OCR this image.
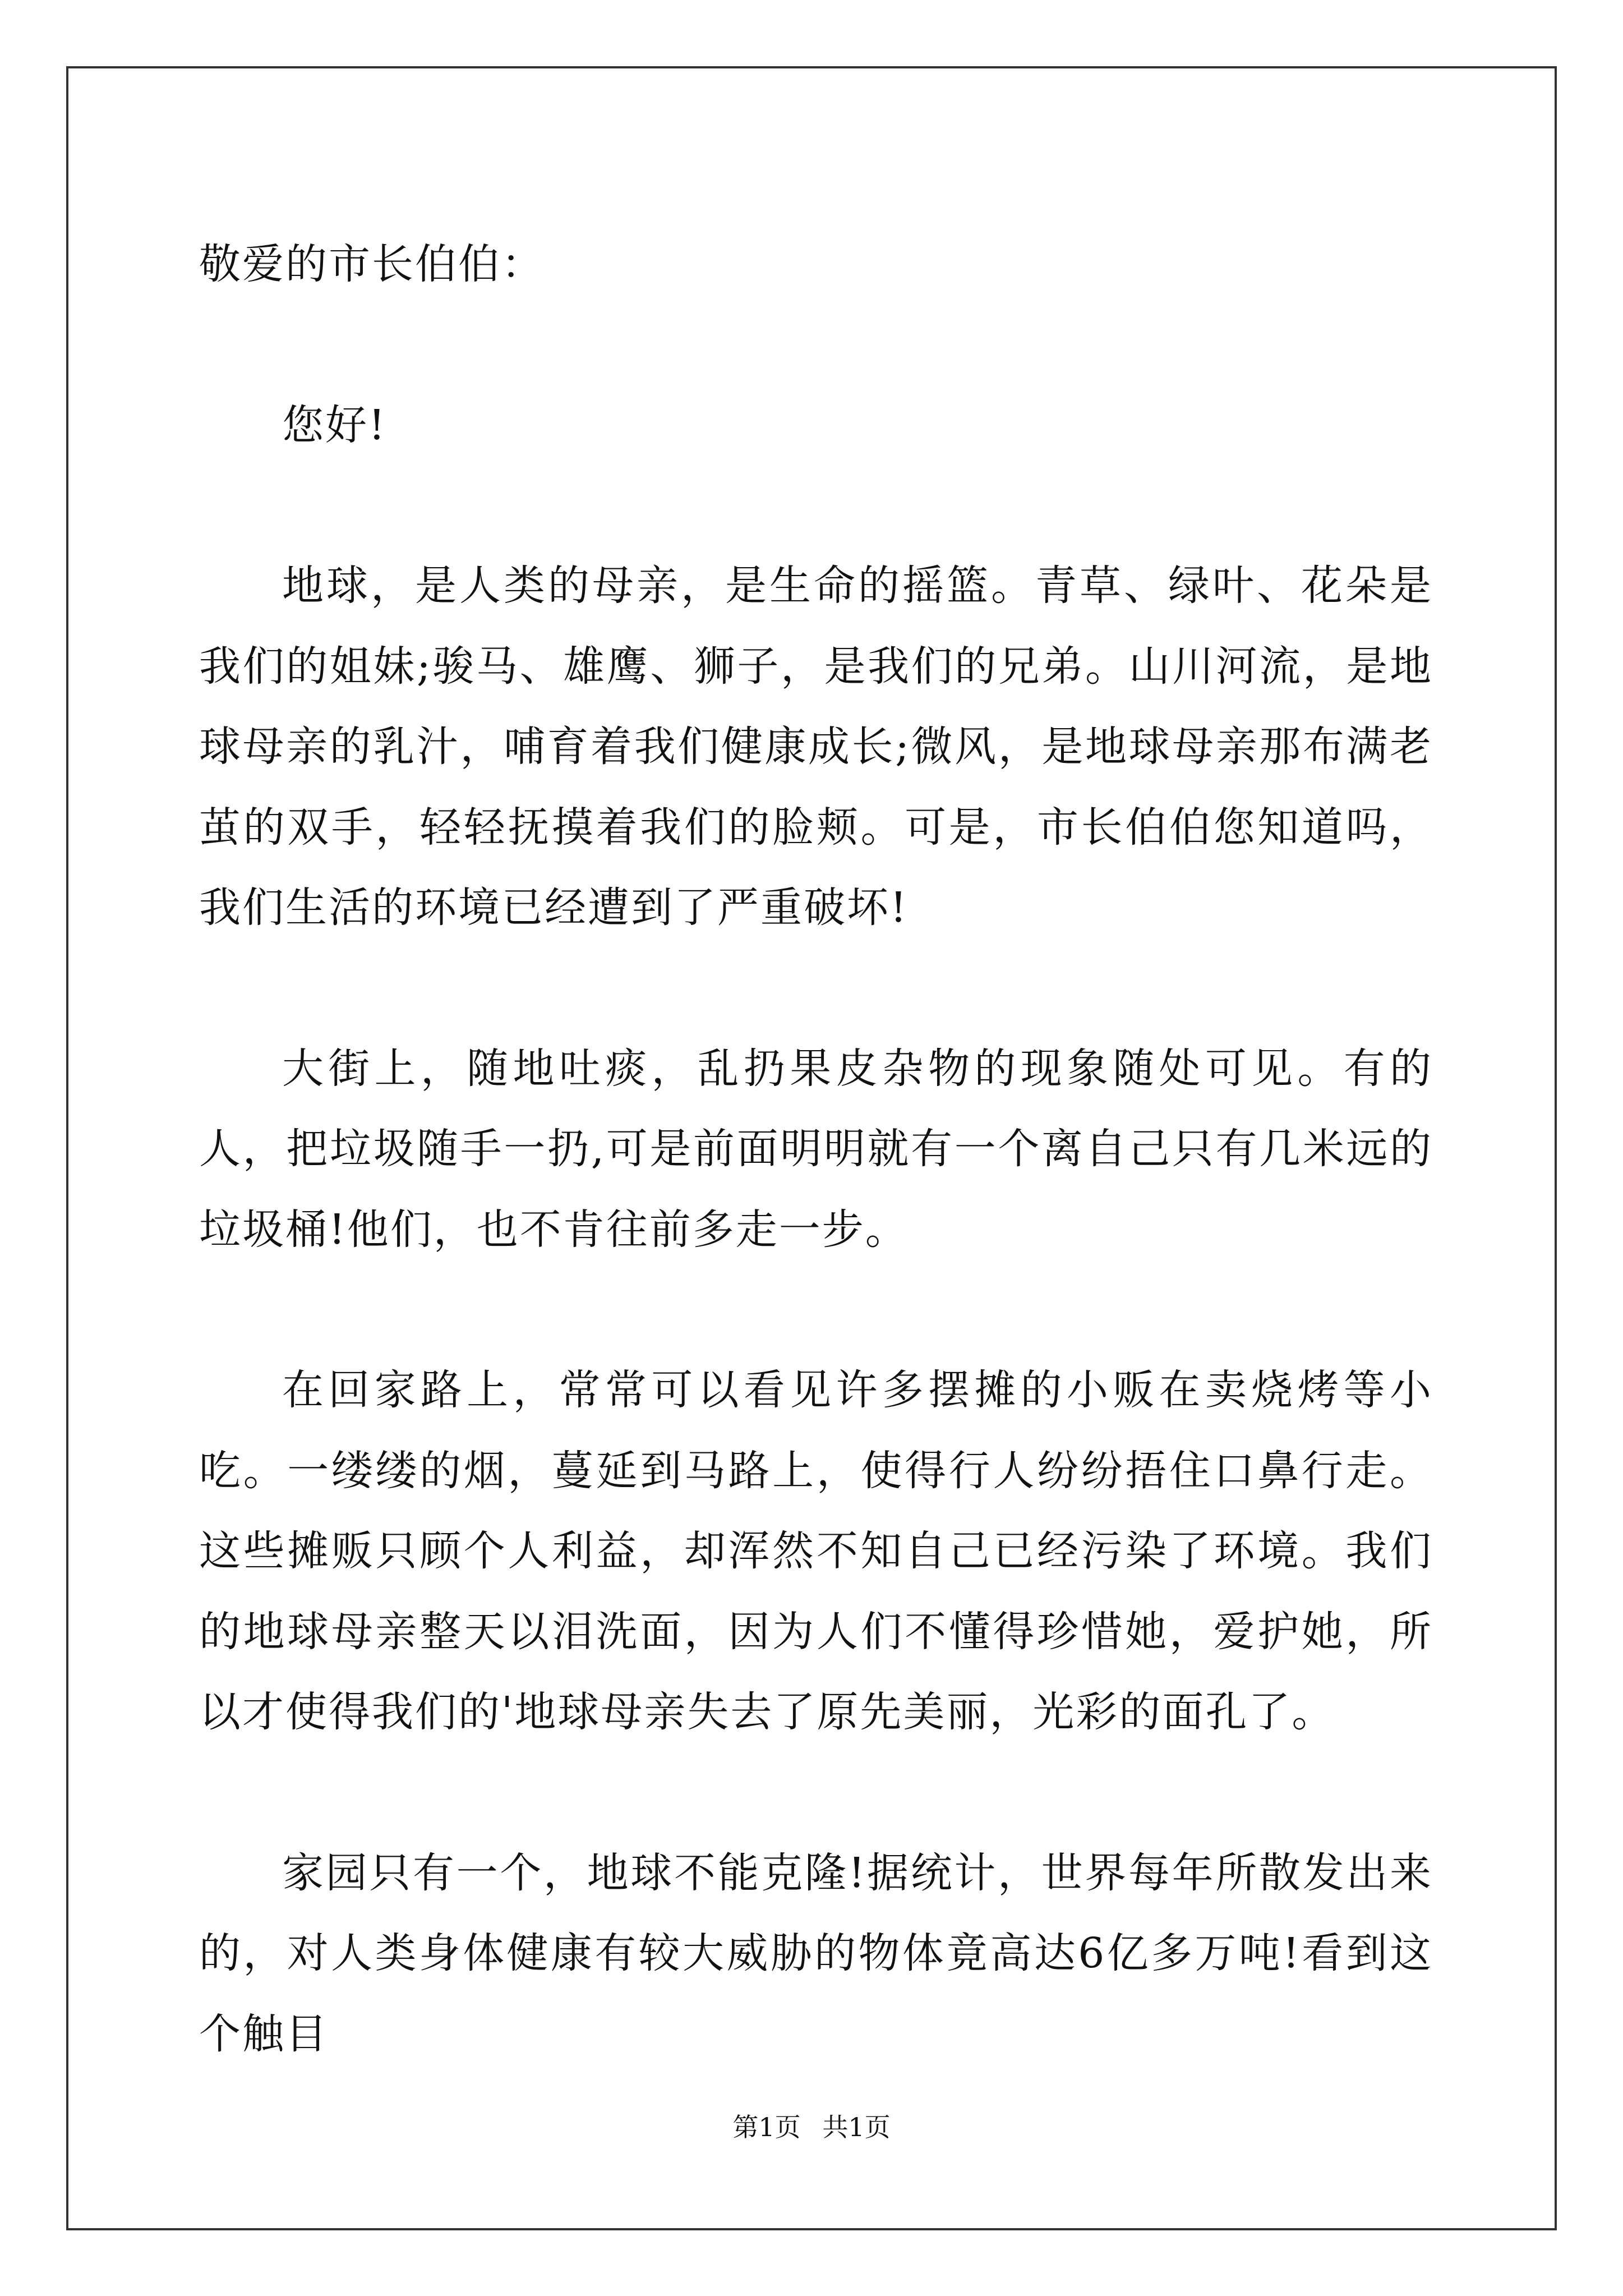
敬爱的市长伯伯：

您好!

地球，是人类的母亲，是生命的摇篮。青草、绿叶、花朵是我们的姐妹;骏马、雄鹰、狮子，是我们的兄弟。山川河流，是地球母亲的乳汁，哺育着我们健康成长;微风，是地球母亲那布满老茧的双手，轻轻抚摸着我们的脸颊。可是，市长伯伯您知道吗，我们生活的环境已经遭到了严重破坏!

大街上，随地吐痰，乱扔果皮杂物的现象随处可见。有的人，把垃圾随手一扔,可是前面明明就有一个离自己只有几米远的垃圾桶!他们，也不肯往前多走一步。

在回家路上，常常可以看见许多摆摊的小贩在卖烧烤等小吃。一缕缕的烟，蔓延到马路上，使得行人纷纷捂住口鼻行走。这些摊贩只顾个人利益，却浑然不知自己已经污染了环境。我们的地球母亲整天以泪洗面，因为人们不懂得珍惜她，爱护她，所以才使得我们的'地球母亲失去了原先美丽，光彩的面孔了。

家园只有一个，地球不能克隆!据统计，世界每年所散发出来的，对人类身体健康有较大威胁的物体竟高达6亿多万吨!看到这个触目

第1页 共1页
